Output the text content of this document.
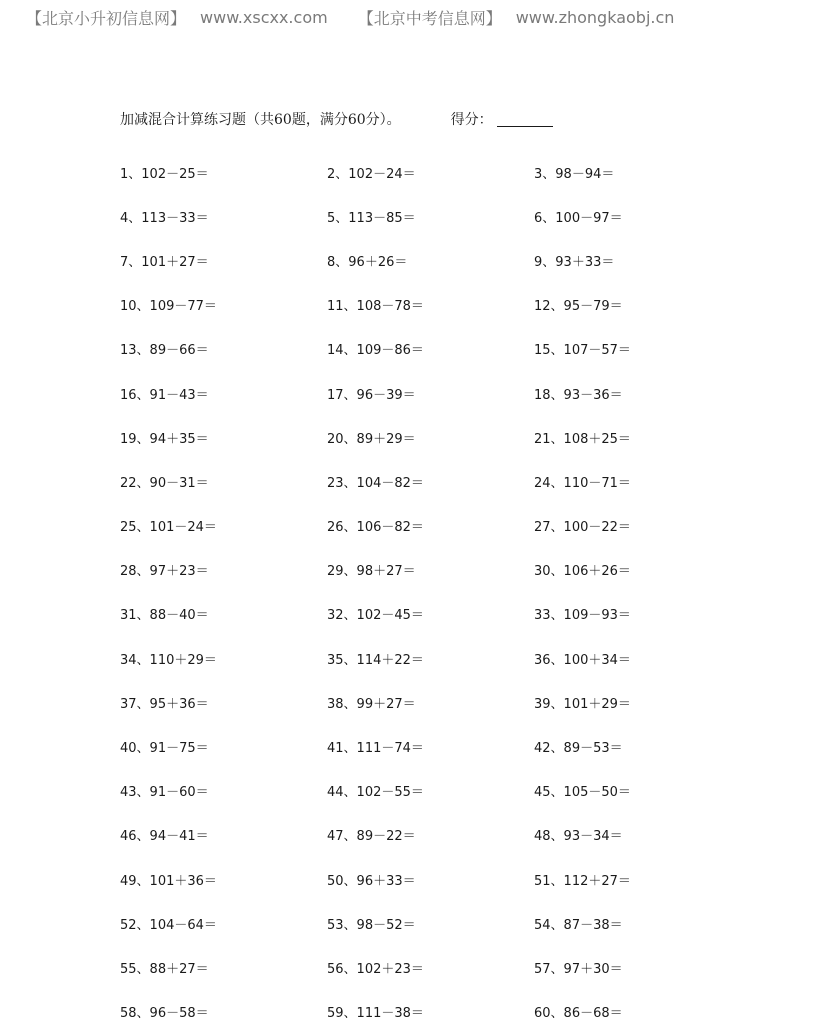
【北京小升初信息网】 www.xscxx.com 【北京中考信息网】 www.zhongkaobj.cn
加减混合计算练习题（共60题，满分60分）。	得分：
1、102－25＝	2、102－24＝	3、98－94＝
4、113－33＝	5、113－85＝	6、100－97＝
7、101＋27＝	8、96＋26＝	9、93＋33＝
10、109－77＝	11、108－78＝	12、95－79＝
13、89－66＝	14、109－86＝	15、107－57＝
16、91－43＝	17、96－39＝	18、93－36＝
19、94＋35＝	20、89＋29＝	21、108＋25＝
22、90－31＝	23、104－82＝	24、110－71＝
25、101－24＝	26、106－82＝	27、100－22＝
28、97＋23＝	29、98＋27＝	30、106＋26＝
31、88－40＝	32、102－45＝	33、109－93＝
34、110＋29＝	35、114＋22＝	36、100＋34＝
37、95＋36＝	38、99＋27＝	39、101＋29＝
40、91－75＝	41、111－74＝	42、89－53＝
43、91－60＝	44、102－55＝	45、105－50＝
46、94－41＝	47、89－22＝	48、93－34＝
49、101＋36＝	50、96＋33＝	51、112＋27＝
52、104－64＝	53、98－52＝	54、87－38＝
55、88＋27＝	56、102＋23＝	57、97＋30＝
58、96－58＝	59、111－38＝	60、86－68＝
